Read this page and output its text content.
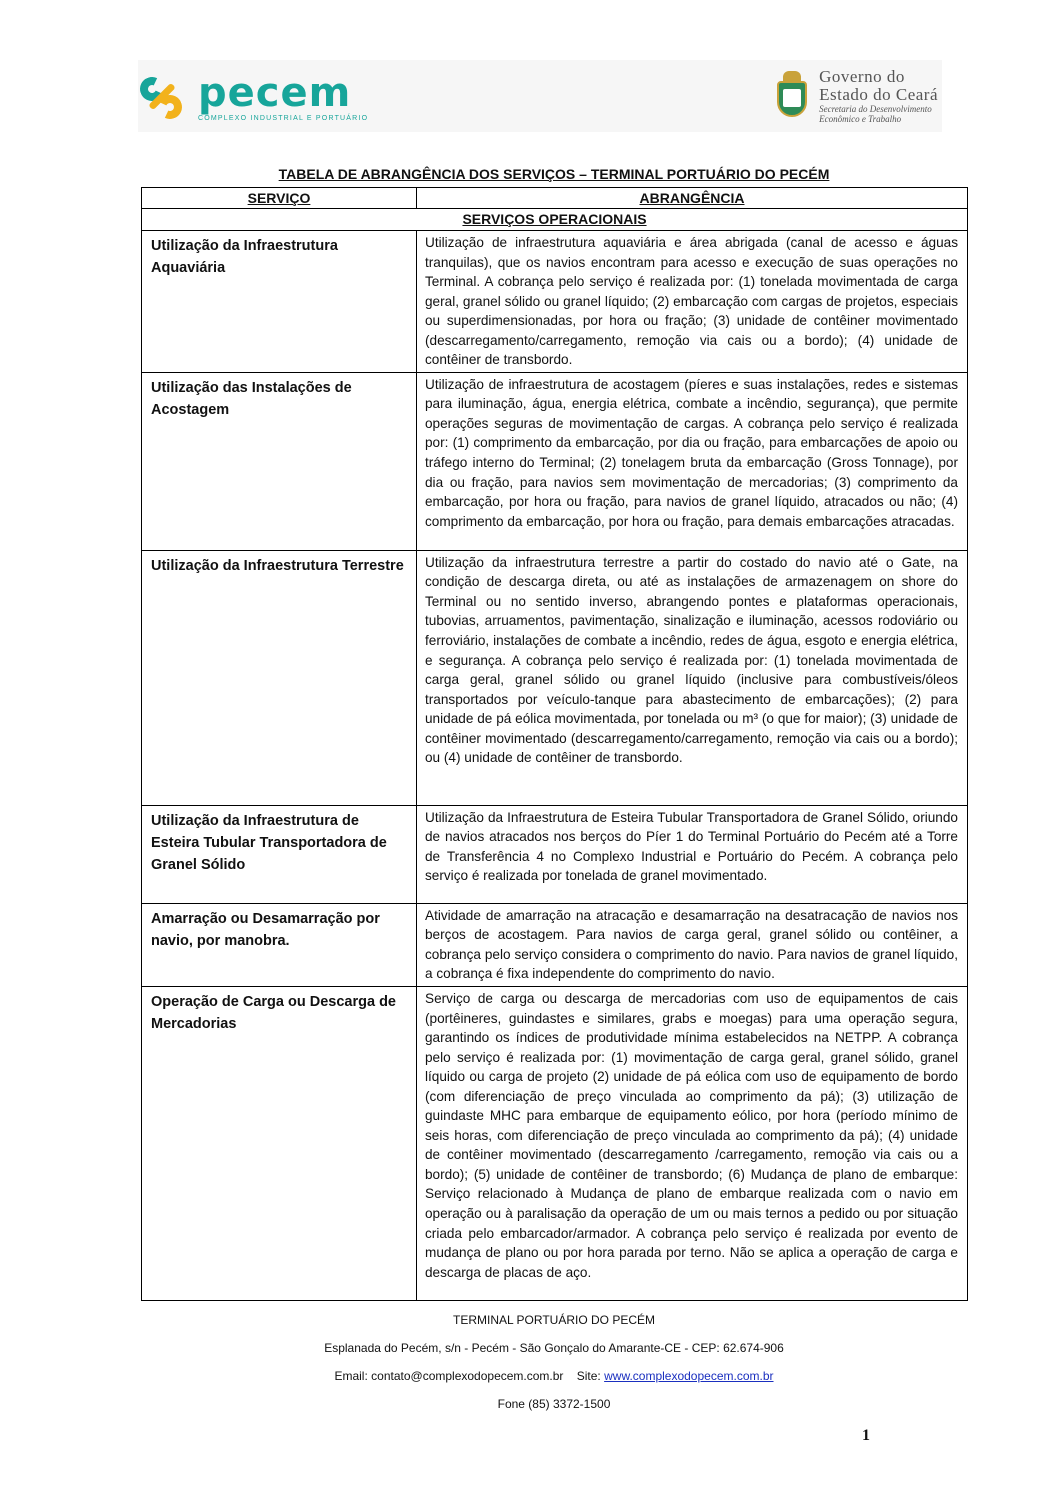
pecem
COMPLEXO INDUSTRIAL E PORTUÁRIO
Governo do
Estado do Ceará
Secretaria do Desenvolvimento
Econômico e Trabalho
TABELA DE ABRANGÊNCIA DOS SERVIÇOS – TERMINAL PORTUÁRIO DO PECÉM
SERVIÇO	ABRANGÊNCIA
SERVIÇOS OPERACIONAIS	
Utilização da Infraestrutura Aquaviária	Utilização de infraestrutura aquaviária e área abrigada (canal de acesso e águas tranquilas), que os navios encontram para acesso e execução de suas operações no Terminal. A cobrança pelo serviço é realizada por: (1) tonelada movimentada de carga geral, granel sólido ou granel líquido; (2) embarcação com cargas de projetos, especiais ou superdimensionadas, por hora ou fração; (3) unidade de contêiner movimentado (descarregamento/carregamento, remoção via cais ou a bordo); (4) unidade de contêiner de transbordo.
Utilização das Instalações de Acostagem	Utilização de infraestrutura de acostagem (píeres e suas instalações, redes e sistemas para iluminação, água, energia elétrica, combate a incêndio, segurança), que permite operações seguras de movimentação de cargas. A cobrança pelo serviço é realizada por: (1) comprimento da embarcação, por dia ou fração, para embarcações de apoio ou tráfego interno do Terminal; (2) tonelagem bruta da embarcação (Gross Tonnage), por dia ou fração, para navios sem movimentação de mercadorias; (3) comprimento da embarcação, por hora ou fração, para navios de granel líquido, atracados ou não; (4) comprimento da embarcação, por hora ou fração, para demais embarcações atracadas.
Utilização da Infraestrutura Terrestre	Utilização da infraestrutura terrestre a partir do costado do navio até o Gate, na condição de descarga direta, ou até as instalações de armazenagem on shore do Terminal ou no sentido inverso, abrangendo pontes e plataformas operacionais, tubovias, arruamentos, pavimentação, sinalização e iluminação, acessos rodoviário ou ferroviário, instalações de combate a incêndio, redes de água, esgoto e energia elétrica, e segurança. A cobrança pelo serviço é realizada por: (1) tonelada movimentada de carga geral, granel sólido ou granel líquido (inclusive para combustíveis/óleos transportados por veículo-tanque para abastecimento de embarcações); (2) para unidade de pá eólica movimentada, por tonelada ou m³ (o que for maior); (3) unidade de contêiner movimentado (descarregamento/carregamento, remoção via cais ou a bordo); ou (4) unidade de contêiner de transbordo.
Utilização da Infraestrutura de Esteira Tubular Transportadora de Granel Sólido	Utilização da Infraestrutura de Esteira Tubular Transportadora de Granel Sólido, oriundo de navios atracados nos berços do Píer 1 do Terminal Portuário do Pecém até a Torre de Transferência 4 no Complexo Industrial e Portuário do Pecém. A cobrança pelo serviço é realizada por tonelada de granel movimentado.
Amarração ou Desamarração por navio, por manobra.	Atividade de amarração na atracação e desamarração na desatracação de navios nos berços de acostagem. Para navios de carga geral, granel sólido ou contêiner, a cobrança pelo serviço considera o comprimento do navio. Para navios de granel líquido, a cobrança é fixa independente do comprimento do navio.
Operação de Carga ou Descarga de Mercadorias	Serviço de carga ou descarga de mercadorias com uso de equipamentos de cais (portêineres, guindastes e similares, grabs e moegas) para uma operação segura, garantindo os índices de produtividade mínima estabelecidos na NETPP. A cobrança pelo serviço é realizada por: (1) movimentação de carga geral, granel sólido, granel líquido ou carga de projeto (2) unidade de pá eólica com uso de equipamento de bordo (com diferenciação de preço vinculada ao comprimento da pá); (3) utilização de guindaste MHC para embarque de equipamento eólico, por hora (período mínimo de seis horas, com diferenciação de preço vinculada ao comprimento da pá); (4) unidade de contêiner movimentado (descarregamento /carregamento, remoção via cais ou a bordo); (5) unidade de contêiner de transbordo; (6) Mudança de plano de embarque: Serviço relacionado à Mudança de plano de embarque realizada com o navio em operação ou à paralisação da operação de um ou mais ternos a pedido ou por situação criada pelo embarcador/armador. A cobrança pelo serviço é realizada por evento de mudança de plano ou por hora parada por terno. Não se aplica a operação de carga e descarga de placas de aço.
TERMINAL PORTUÁRIO DO PECÉM
Esplanada do Pecém, s/n - Pecém - São Gonçalo do Amarante-CE - CEP: 62.674-906
Email: contato@complexodopecem.com.br    Site: www.complexodopecem.com.br
Fone (85) 3372-1500
1
